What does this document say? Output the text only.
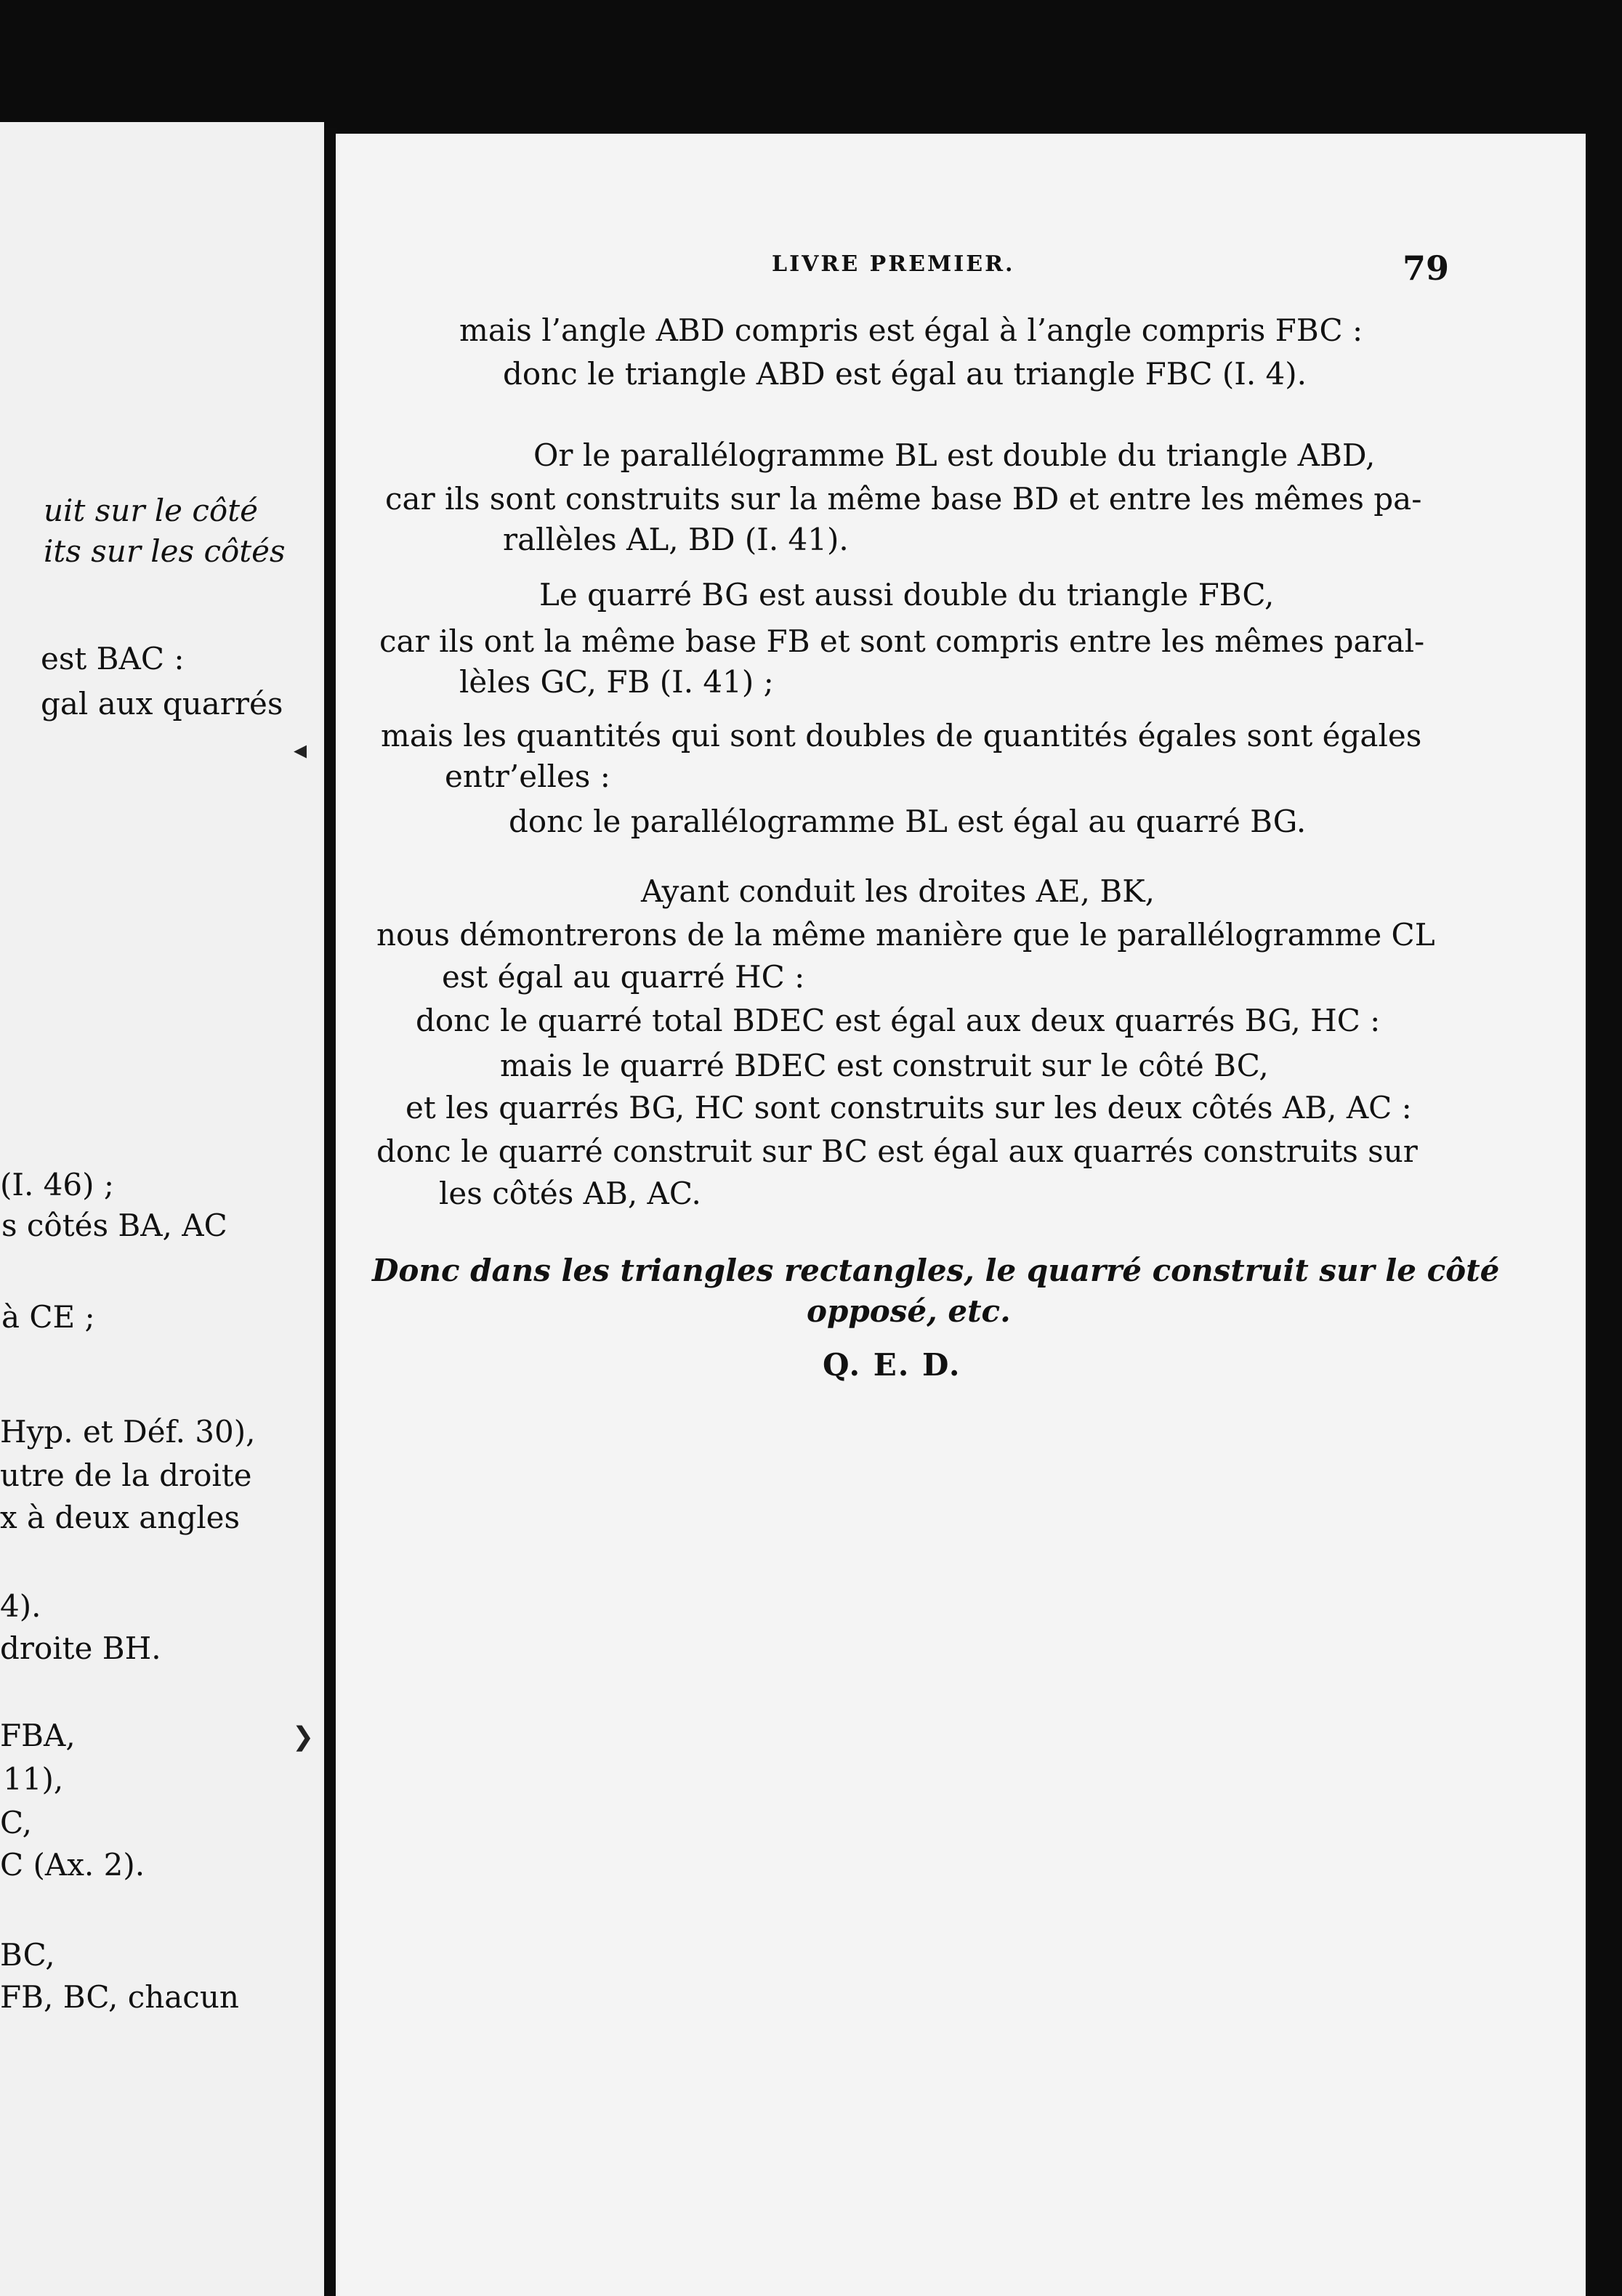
uit sur le côté
its sur les côtés
est BAC :
gal aux quarrés
(I. 46) ;
s côtés BA, AC
à CE ;
Hyp. et Déf. 30),
utre de la droite
x à deux angles
4).
droite BH.
FBA,
11),
C,
C (Ax. 2).
BC,
FB, BC, chacun
◂
❯
LIVRE PREMIER.	79
mais l’angle ABD compris est égal à l’angle compris FBC :
donc le triangle ABD est égal au triangle FBC (I. 4).
Or le parallélogramme BL est double du triangle ABD,
car ils sont construits sur la même base BD et entre les mêmes pa-
rallèles AL, BD (I. 41).
Le quarré BG est aussi double du triangle FBC,
car ils ont la même base FB et sont compris entre les mêmes paral-
lèles GC, FB (I. 41) ;
mais les quantités qui sont doubles de quantités égales sont égales
entr’elles :
donc le parallélogramme BL est égal au quarré BG.
Ayant conduit les droites AE, BK,
nous démontrerons de la même manière que le parallélogramme CL
est égal au quarré HC :
donc le quarré total BDEC est égal aux deux quarrés BG, HC :
mais le quarré BDEC est construit sur le côté BC,
et les quarrés BG, HC sont construits sur les deux côtés AB, AC :
donc le quarré construit sur BC est égal aux quarrés construits sur
les côtés AB, AC.
Donc dans les triangles rectangles, le quarré construit sur le côté
opposé, etc.
Q. E. D.
